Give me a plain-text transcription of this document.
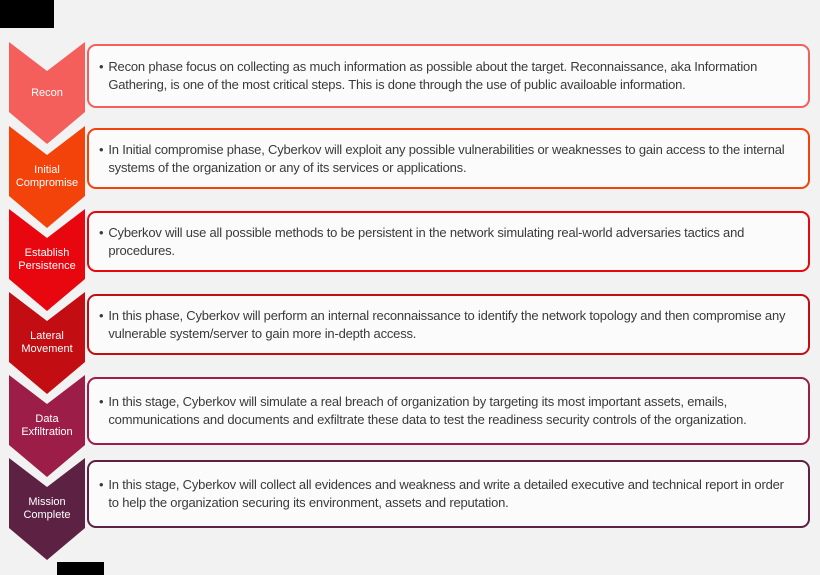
Recon
• Recon phase focus on collecting as much information as possible about the target. Reconnaissance, aka Information Gathering, is one of the most critical steps. This is done through the use of public availoable information.
Initial Compromise
• In Initial compromise phase, Cyberkov will exploit any possible vulnerabilities or weaknesses to gain access to the internal systems of the organization or any of its services or applications.
Establish Persistence
• Cyberkov will use all possible methods to be persistent in the network simulating real-world adversaries tactics and procedures.
Lateral Movement
• In this phase, Cyberkov will perform an internal reconnaissance to identify the network topology and then compromise any vulnerable system/server to gain more in-depth access.
Data Exfiltration
• In this stage, Cyberkov will simulate a real breach of organization by targeting its most important assets, emails, communications and documents and exfiltrate these data to test the readiness security controls of the organization.
Mission Complete
• In this stage, Cyberkov will collect all evidences and weakness and write a detailed executive and technical report in order to help the organization securing its environment, assets and reputation.
